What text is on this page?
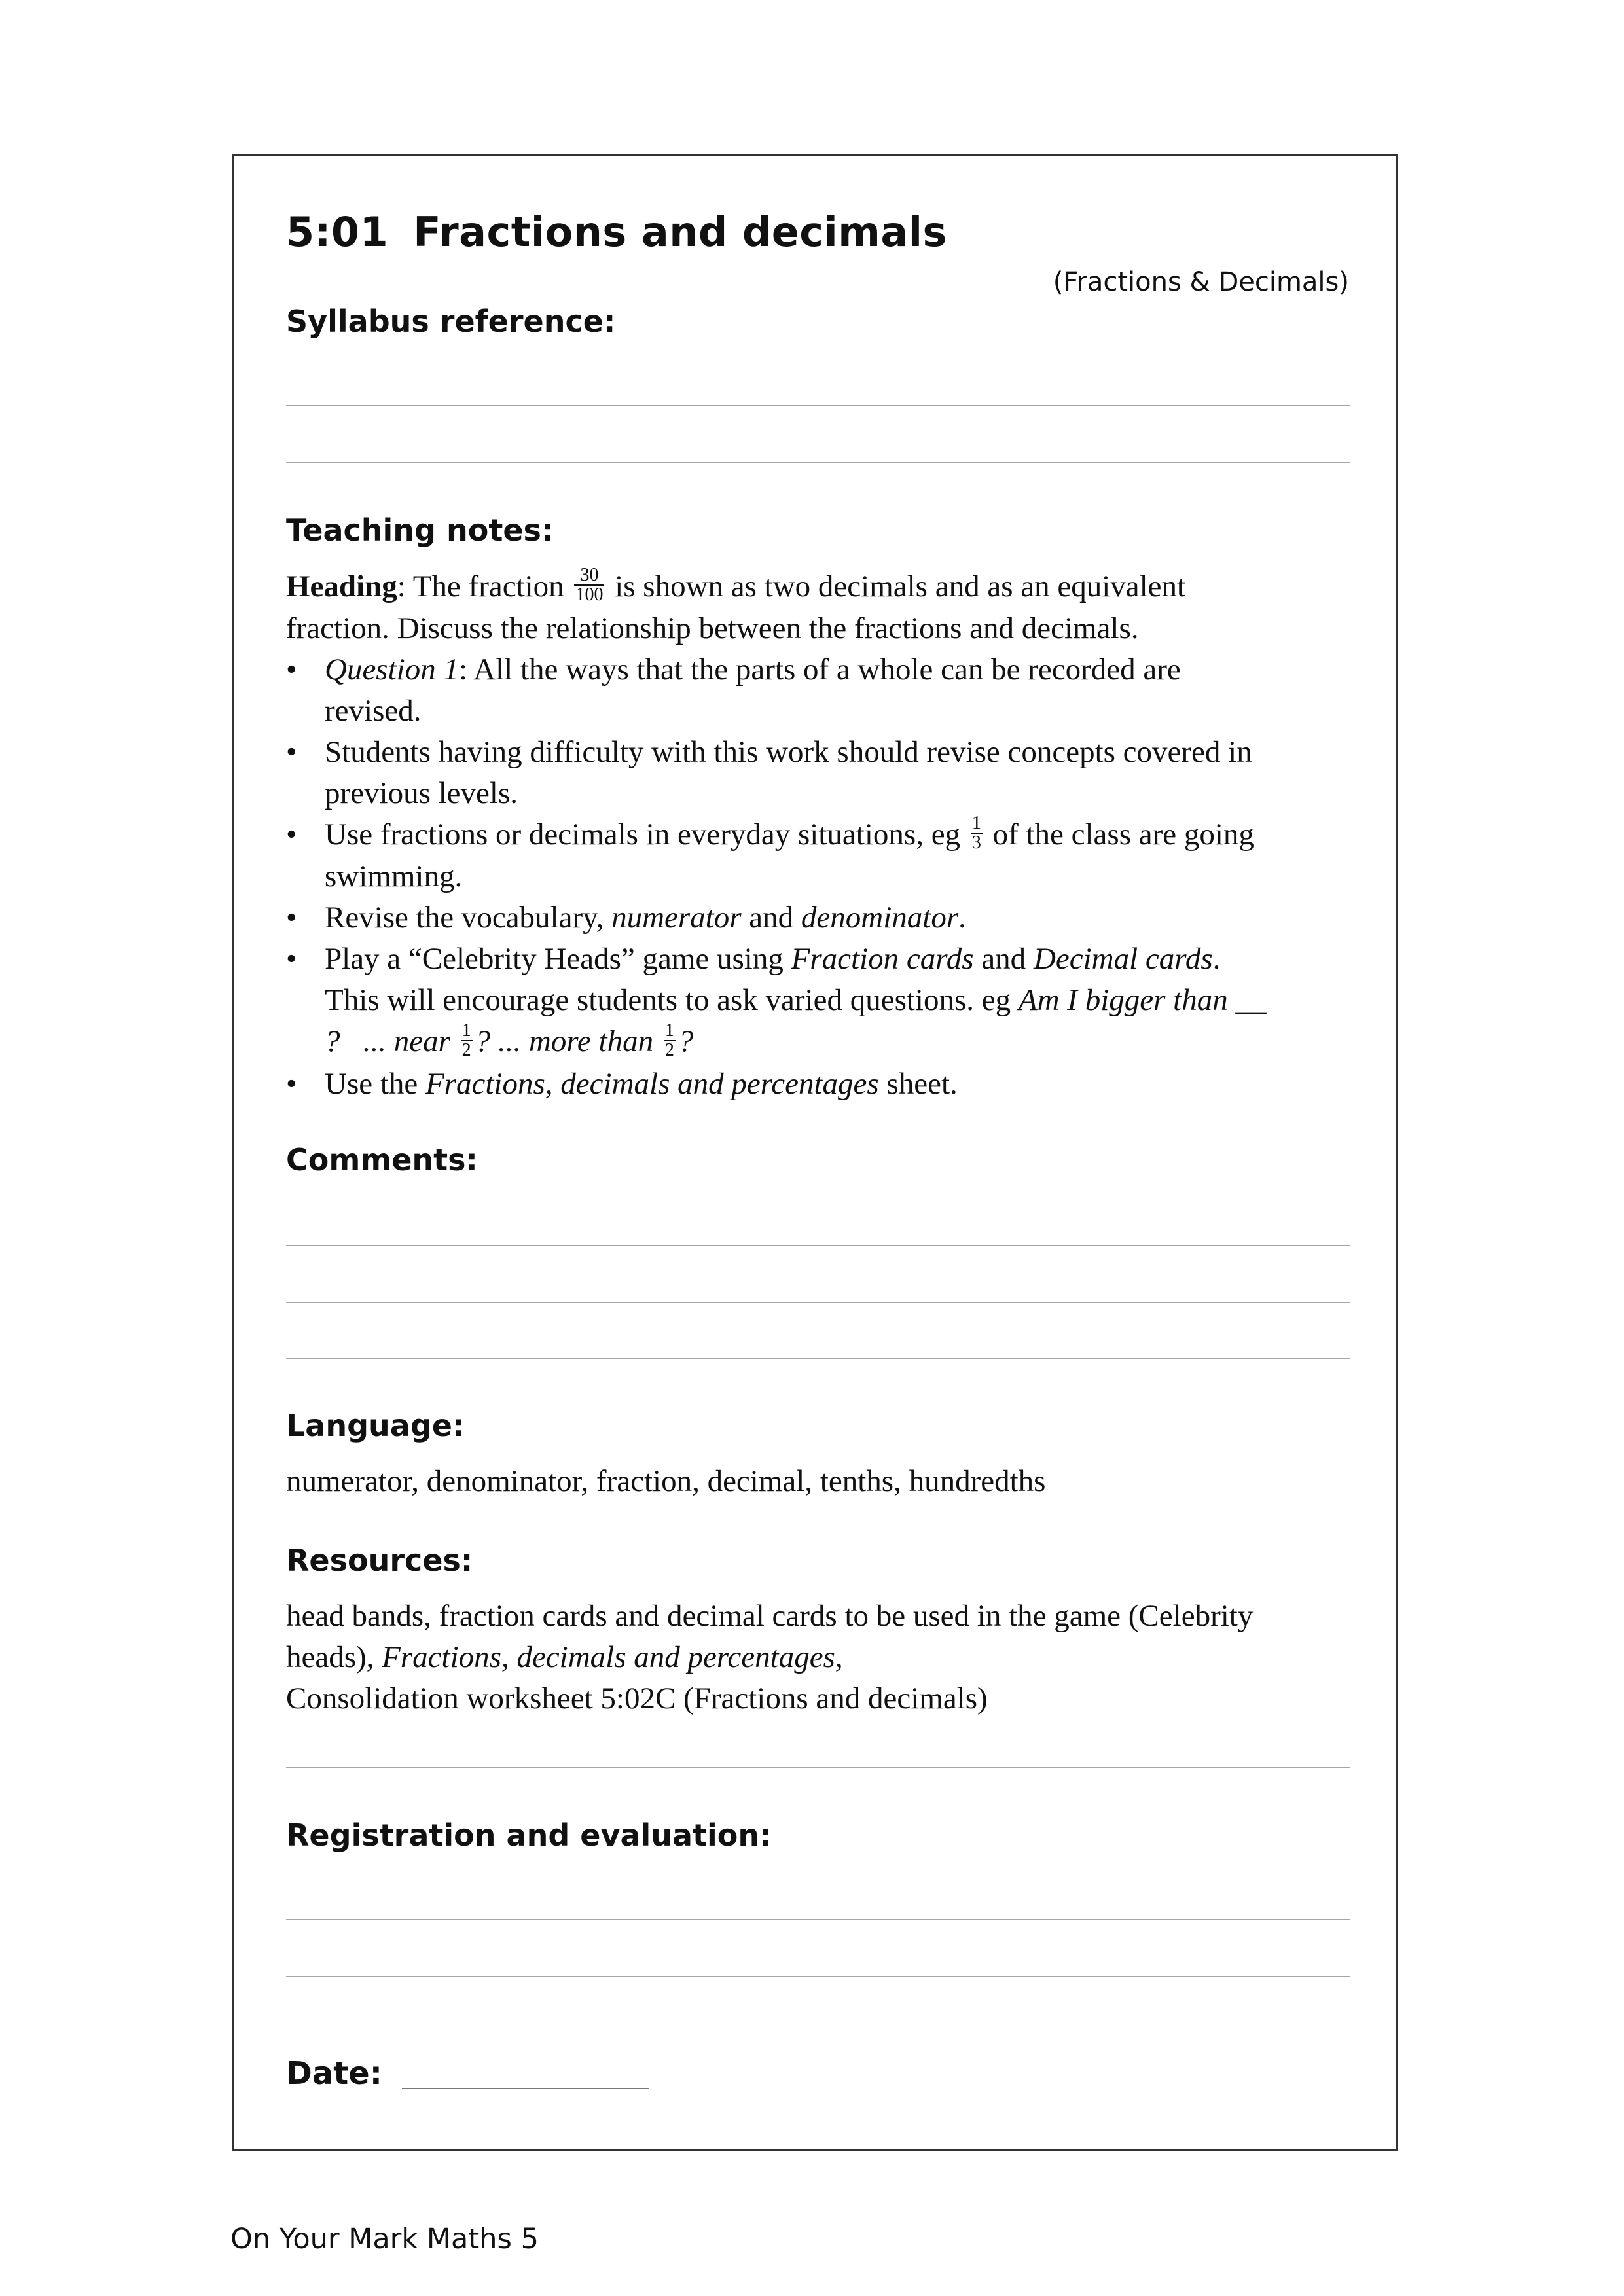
5:01 Fractions and decimals
(Fractions & Decimals)
Syllabus reference:
Teaching notes:
Heading: The fraction $\frac{30}{100}$ is shown as two decimals and as an equivalent
fraction. Discuss the relationship between the fractions and decimals.
• Question 1: All the ways that the parts of a whole can be recorded are
revised.
• Students having difficulty with this work should revise concepts covered in
previous levels.
• Use fractions or decimals in everyday situations, eg $\frac{1}{3}$ of the class are going
swimming.
• Revise the vocabulary, numerator and denominator.
• Play a “Celebrity Heads” game using Fraction cards and Decimal cards.
This will encourage students to ask varied questions. eg Am I bigger than __
?   ... near $\frac{1}{2}$ ? ... more than $\frac{1}{2}$ ?
• Use the Fractions, decimals and percentages sheet.
Comments:
Language:
numerator, denominator, fraction, decimal, tenths, hundredths
Resources:
head bands, fraction cards and decimal cards to be used in the game (Celebrity
heads), Fractions, decimals and percentages,
Consolidation worksheet 5:02C (Fractions and decimals)
Registration and evaluation:
Date:
On Your Mark Maths 5
